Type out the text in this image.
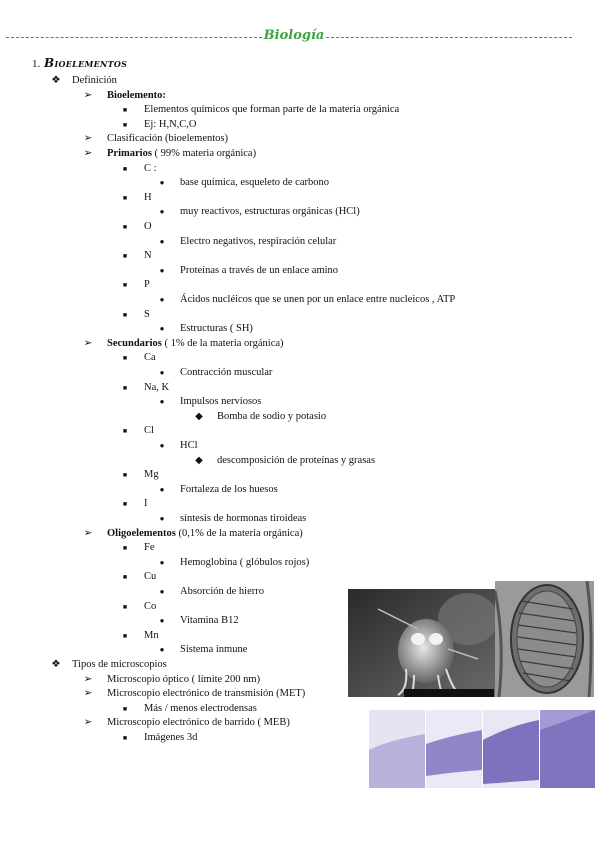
Biología
1. Bioelementos
❖ Definición
➢ Bioelemento:
■	Elementos químicos que forman parte de la materia orgánica
■	Ej: H,N,C,O
➢ Clasificación (bioelementos)
➢ Primarios ( 99% materia orgánica)
■	C :
●	base química, esqueleto de carbono
■	H
●	muy reactivos, estructuras orgánicas (HCl)
■	O
●	Electro negativos, respiración celular
■	N
●	Proteínas a través de un enlace amino
■	P
●	Ácidos nucléicos que se unen por un enlace entre nucleicos , ATP
■	S
●	Estructuras ( SH)
➢ Secundarios ( 1% de la materia orgánica)
■	Ca
●	Contracción muscular
■	Na, K
●	Impulsos nerviosos
◆	Bomba de sodio y potasio
■	Cl
●	HCl
◆	descomposición de proteínas y grasas
■	Mg
●	Fortaleza de los huesos
■	I
●	síntesis de hormonas tiroideas
➢ Oligoelementos (0,1% de la materia orgánica)
■	Fe
●	Hemoglobina ( glóbulos rojos)
■	Cu
●	Absorción de hierro
■	Co
●	Vitamina B12
■	Mn
●	Sistema inmune
❖ Tipos de microscopios
➢ Microscopio óptico ( límite 200 nm)
➢ Microscopio electrónico de transmisión (MET)
■	Más / menos electrodensas
➢ Microscopio electrónico de barrido ( MEB)
■	Imágenes 3d
